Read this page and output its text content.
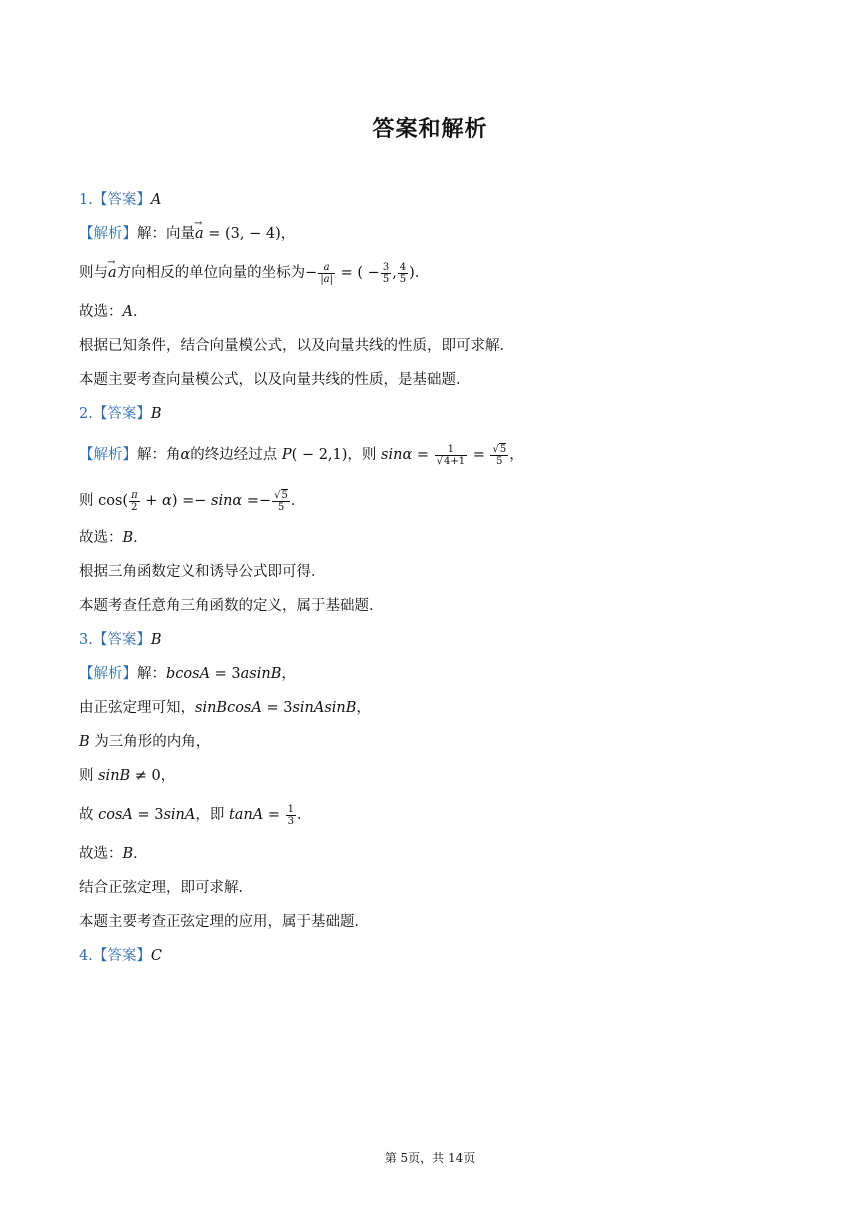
答案和解析
1.【答案】A
【解析】解：向量a → = (3, − 4)，
则与a →方向相反的单位向量的坐标为− $\frac{a}{|a|}$ = ( − $\frac{3}{5}$ , $\frac{4}{5}$ )．
故选：A．
根据已知条件，结合向量模公式，以及向量共线的性质，即可求解．
本题主要考查向量模公式，以及向量共线的性质，是基础题．
2.【答案】B
【解析】解：角α的终边经过点 P( − 2,1)，则 $\sin\alpha = \frac{1}{√4+1} = \frac{√5}{5}$ ，
则 $\cos( \frac{\pi}{2} + \alpha) =- \sin\alpha =- \frac{√5}{5}$ ．
故选：B．
根据三角函数定义和诱导公式即可得．
本题考查任意角三角函数的定义，属于基础题．
3.【答案】B
【解析】解：bcosA = 3asinB，
由正弦定理可知，sinBcosA = 3sinAsinB，
B 为三角形的内角，
则 sinB ≠ 0，
故 cosA = 3sinA，即 $\tan A = \frac{1}{3}$ ．
故选：B．
结合正弦定理，即可求解．
本题主要考查正弦定理的应用，属于基础题．
4.【答案】C
第 5页，共 14页
